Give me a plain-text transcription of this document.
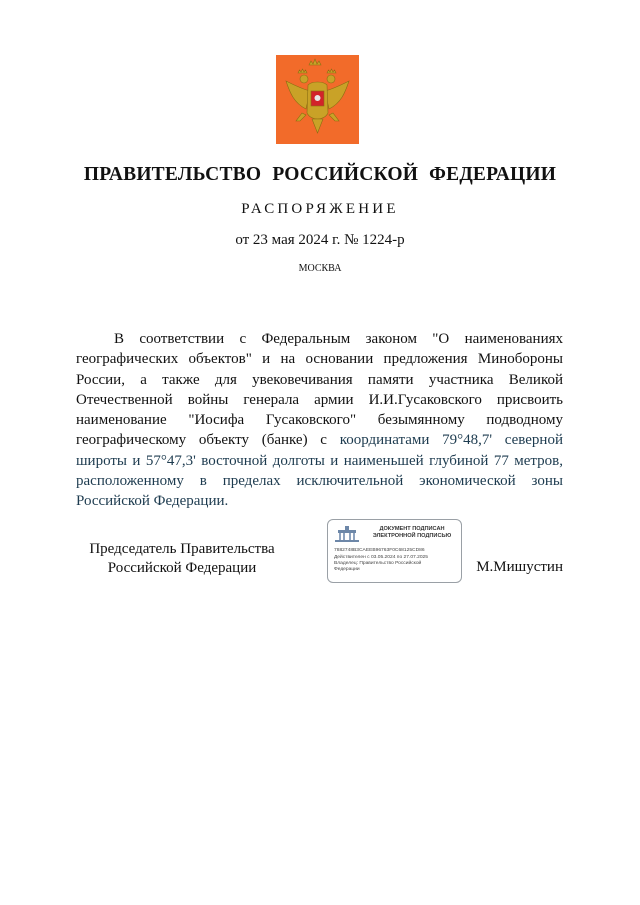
ПРАВИТЕЛЬСТВО РОССИЙСКОЙ ФЕДЕРАЦИИ
РАСПОРЯЖЕНИЕ
от 23 мая 2024 г. № 1224-р
МОСКВА
В соответствии с Федеральным законом "О наименованиях географических объектов" и на основании предложения Минобороны России, а также для увековечивания памяти участника Великой Отечественной войны генерала армии И.И.Гусаковского присвоить наименование "Иосифа Гусаковского" безымянному подводному географическому объекту (банке) с координатами 79°48,7' северной широты и 57°47,3' восточной долготы и наименьшей глубиной 77 метров, расположенному в пределах исключительной экономической зоны Российской Федерации.
Председатель Правительства
Российской Федерации
ДОКУМЕНТ ПОДПИСАН
ЭЛЕКТРОННОЙ ПОДПИСЬЮ
7882748B3CAEEB96763F0C68125CD86
Действителен с 03.05.2024 по 27.07.2025
Владелец: Правительство Российской
Федерации	М.Мишустин
